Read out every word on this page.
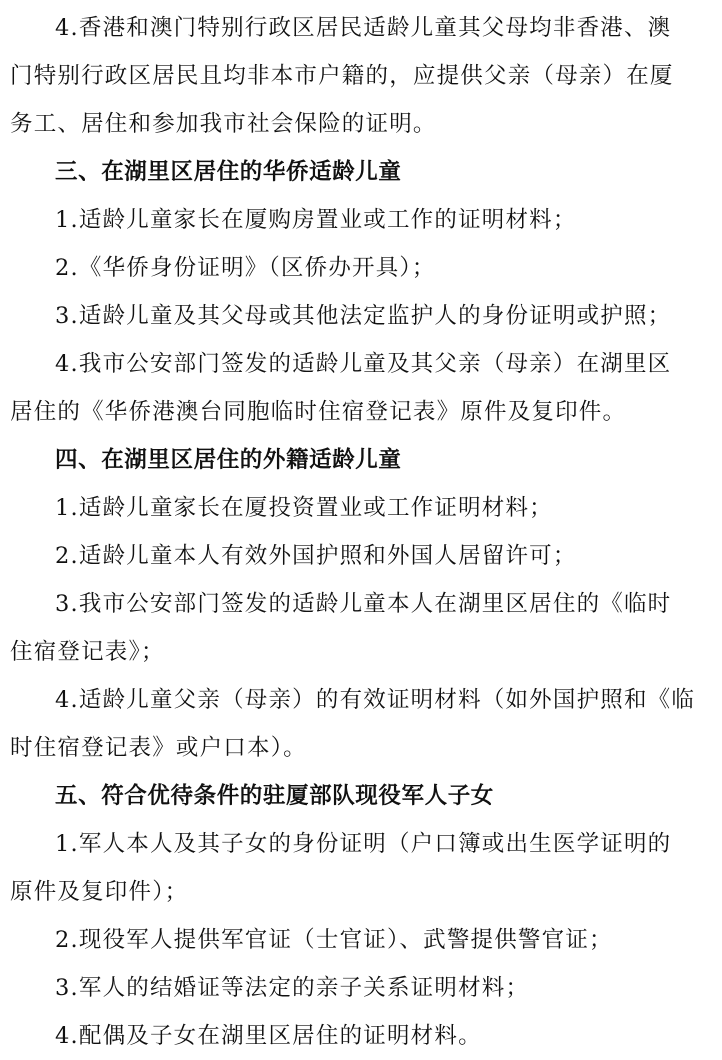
4.香港和澳门特别行政区居民适龄儿童其父母均非香港、澳
门特别行政区居民且均非本市户籍的，应提供父亲（母亲）在厦
务工、居住和参加我市社会保险的证明。
三、在湖里区居住的华侨适龄儿童
1.适龄儿童家长在厦购房置业或工作的证明材料；
2.《华侨身份证明》（区侨办开具）；
3.适龄儿童及其父母或其他法定监护人的身份证明或护照；
4.我市公安部门签发的适龄儿童及其父亲（母亲）在湖里区
居住的《华侨港澳台同胞临时住宿登记表》原件及复印件。
四、在湖里区居住的外籍适龄儿童
1.适龄儿童家长在厦投资置业或工作证明材料；
2.适龄儿童本人有效外国护照和外国人居留许可；
3.我市公安部门签发的适龄儿童本人在湖里区居住的《临时
住宿登记表》；
4.适龄儿童父亲（母亲）的有效证明材料（如外国护照和《临
时住宿登记表》或户口本）。
五、符合优待条件的驻厦部队现役军人子女
1.军人本人及其子女的身份证明（户口簿或出生医学证明的
原件及复印件）；
2.现役军人提供军官证（士官证）、武警提供警官证；
3.军人的结婚证等法定的亲子关系证明材料；
4.配偶及子女在湖里区居住的证明材料。
